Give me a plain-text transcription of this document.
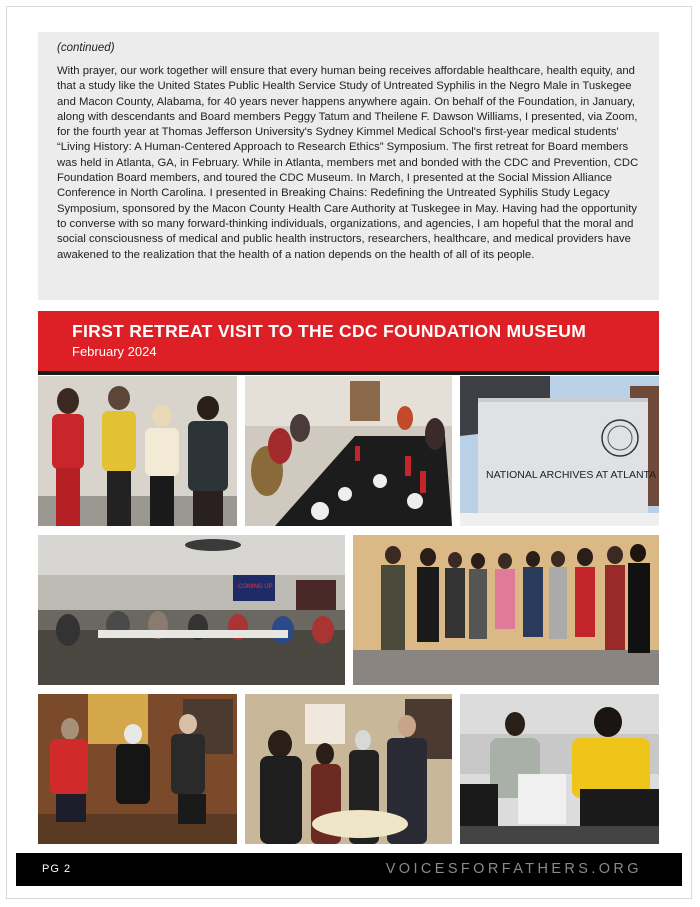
(continued)

With prayer, our work together will ensure that every human being receives affordable healthcare, health equity, and that a study like the United States Public Health Service Study of Untreated Syphilis in the Negro Male in Tuskegee and Macon County, Alabama, for 40 years never happens anywhere again. On behalf of the Foundation, in January, along with descendants and Board members Peggy Tatum and Theilene F. Dawson Williams, I presented, via Zoom, for the fourth year at Thomas Jefferson University's Sydney Kimmel Medical School's first-year medical students' “Living History: A Human-Centered Approach to Research Ethics” Symposium. The first retreat for Board members was held in Atlanta, GA, in February. While in Atlanta, members met and bonded with the CDC and Prevention, CDC Foundation Board members, and toured the CDC Museum. In March, I presented at the Social Mission Alliance Conference in North Carolina. I presented in Breaking Chains: Redefining the Untreated Syphilis Study Legacy Symposium, sponsored by the Macon County Health Care Authority at Tuskegee in May. Having had the opportunity to converse with so many forward-thinking individuals, organizations, and agencies, I am hopeful that the moral and social consciousness of medical and public health instructors, researchers, healthcare, and medical providers have awakened to the realization that the health of a nation depends on the health of all of its people.

FIRST RETREAT VISIT TO THE CDC FOUNDATION MUSEUM

February 2024

NATIONAL ARCHIVES AT ATLANTA
COMING UP
PG 2	VOICESFORFATHERS.ORG
